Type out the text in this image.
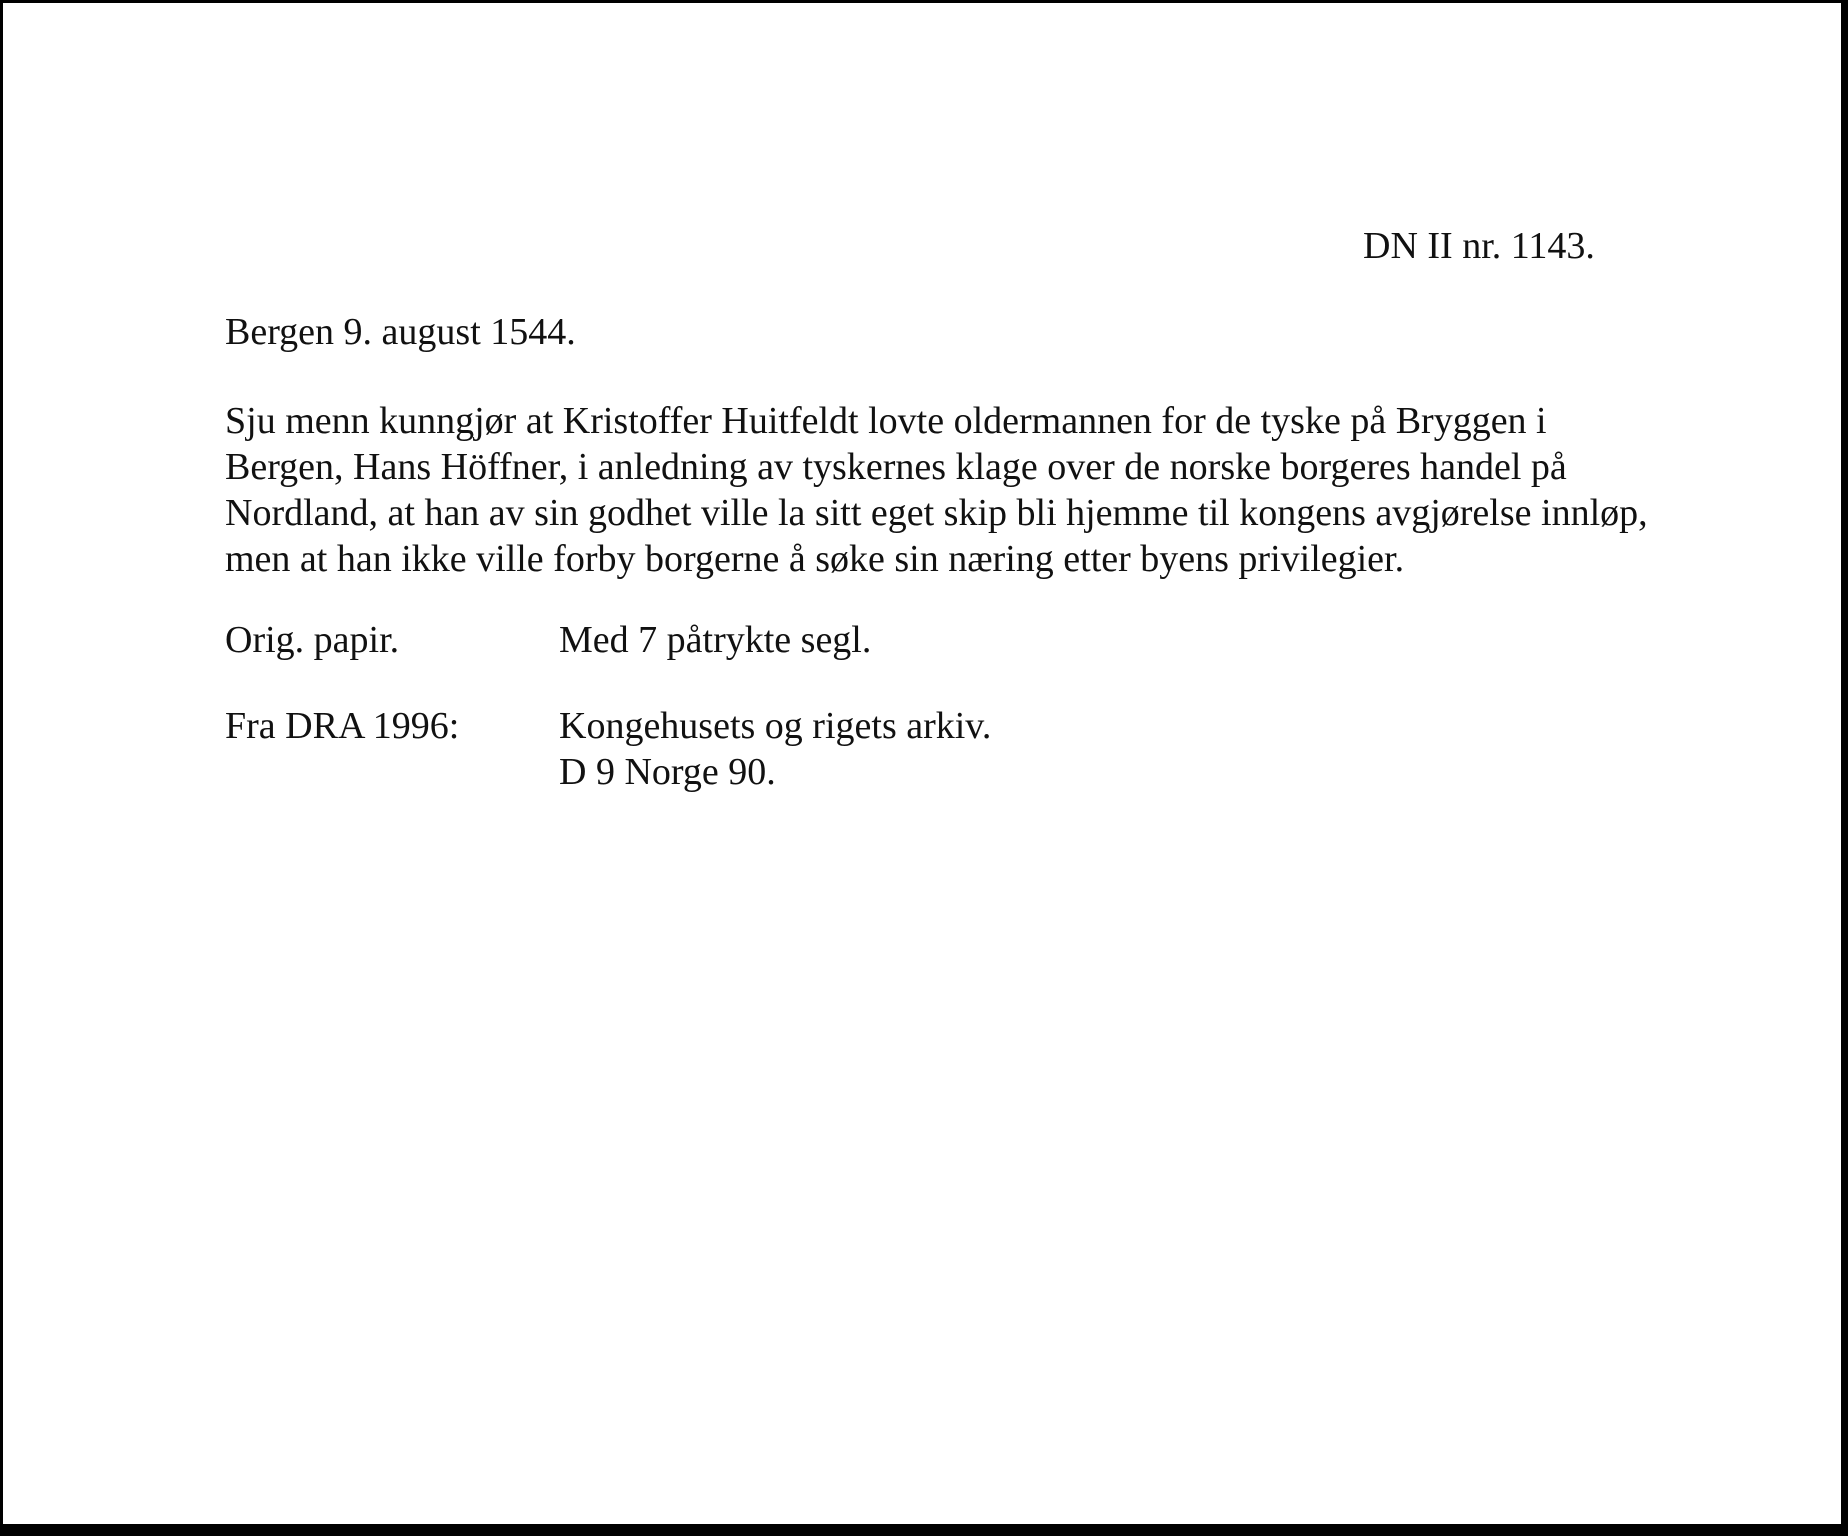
DN II nr. 1143.
Bergen 9. august 1544.
Sju menn kunngjør at Kristoffer Huitfeldt lovte oldermannen for de tyske på Bryggen i
Bergen, Hans Höffner, i anledning av tyskernes klage over de norske borgeres handel på
Nordland, at han av sin godhet ville la sitt eget skip bli hjemme til kongens avgjørelse innløp,
men at han ikke ville forby borgerne å søke sin næring etter byens privilegier.
Orig. papir.	Med 7 påtrykte segl.
Fra DRA 1996:	Kongehusets og rigets arkiv.
D 9 Norge 90.
